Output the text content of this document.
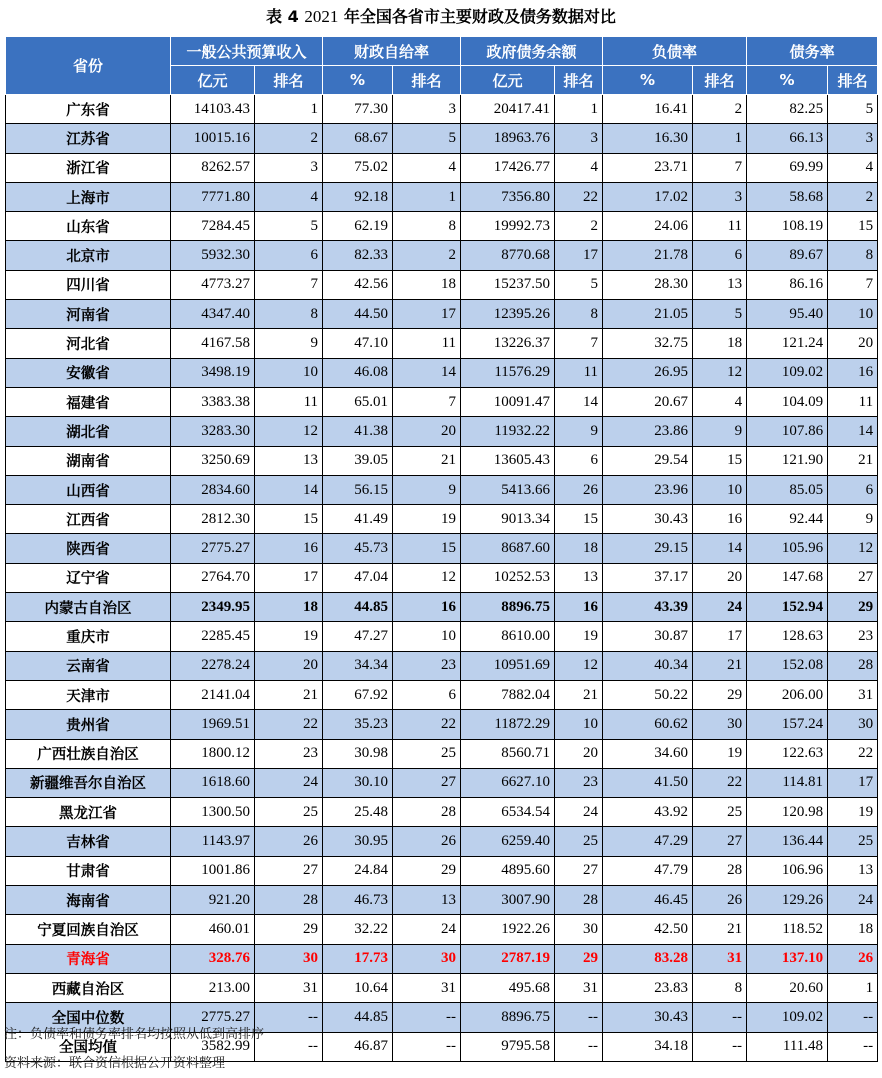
表 4 2021 年全国各省市主要财政及债务数据对比
省份	一般公共预算收入		财政自给率		政府债务余额		负债率		债务率	
	亿元	排名	%	排名	亿元	排名	%	排名	%	排名
广东省	14103.43	1	77.30	3	20417.41	1	16.41	2	82.25	5
江苏省	10015.16	2	68.67	5	18963.76	3	16.30	1	66.13	3
浙江省	8262.57	3	75.02	4	17426.77	4	23.71	7	69.99	4
上海市	7771.80	4	92.18	1	7356.80	22	17.02	3	58.68	2
山东省	7284.45	5	62.19	8	19992.73	2	24.06	11	108.19	15
北京市	5932.30	6	82.33	2	8770.68	17	21.78	6	89.67	8
四川省	4773.27	7	42.56	18	15237.50	5	28.30	13	86.16	7
河南省	4347.40	8	44.50	17	12395.26	8	21.05	5	95.40	10
河北省	4167.58	9	47.10	11	13226.37	7	32.75	18	121.24	20
安徽省	3498.19	10	46.08	14	11576.29	11	26.95	12	109.02	16
福建省	3383.38	11	65.01	7	10091.47	14	20.67	4	104.09	11
湖北省	3283.30	12	41.38	20	11932.22	9	23.86	9	107.86	14
湖南省	3250.69	13	39.05	21	13605.43	6	29.54	15	121.90	21
山西省	2834.60	14	56.15	9	5413.66	26	23.96	10	85.05	6
江西省	2812.30	15	41.49	19	9013.34	15	30.43	16	92.44	9
陕西省	2775.27	16	45.73	15	8687.60	18	29.15	14	105.96	12
辽宁省	2764.70	17	47.04	12	10252.53	13	37.17	20	147.68	27
内蒙古自治区	2349.95	18	44.85	16	8896.75	16	43.39	24	152.94	29
重庆市	2285.45	19	47.27	10	8610.00	19	30.87	17	128.63	23
云南省	2278.24	20	34.34	23	10951.69	12	40.34	21	152.08	28
天津市	2141.04	21	67.92	6	7882.04	21	50.22	29	206.00	31
贵州省	1969.51	22	35.23	22	11872.29	10	60.62	30	157.24	30
广西壮族自治区	1800.12	23	30.98	25	8560.71	20	34.60	19	122.63	22
新疆维吾尔自治区	1618.60	24	30.10	27	6627.10	23	41.50	22	114.81	17
黑龙江省	1300.50	25	25.48	28	6534.54	24	43.92	25	120.98	19
吉林省	1143.97	26	30.95	26	6259.40	25	47.29	27	136.44	25
甘肃省	1001.86	27	24.84	29	4895.60	27	47.79	28	106.96	13
海南省	921.20	28	46.73	13	3007.90	28	46.45	26	129.26	24
宁夏回族自治区	460.01	29	32.22	24	1922.26	30	42.50	21	118.52	18
青海省	328.76	30	17.73	30	2787.19	29	83.28	31	137.10	26
西藏自治区	213.00	31	10.64	31	495.68	31	23.83	8	20.60	1
全国中位数	2775.27	--	44.85	--	8896.75	--	30.43	--	109.02	--
全国均值	3582.99	--	46.87	--	9795.58	--	34.18	--	111.48	--
注：负债率和债务率排名均按照从低到高排序
资料来源：联合资信根据公开资料整理
